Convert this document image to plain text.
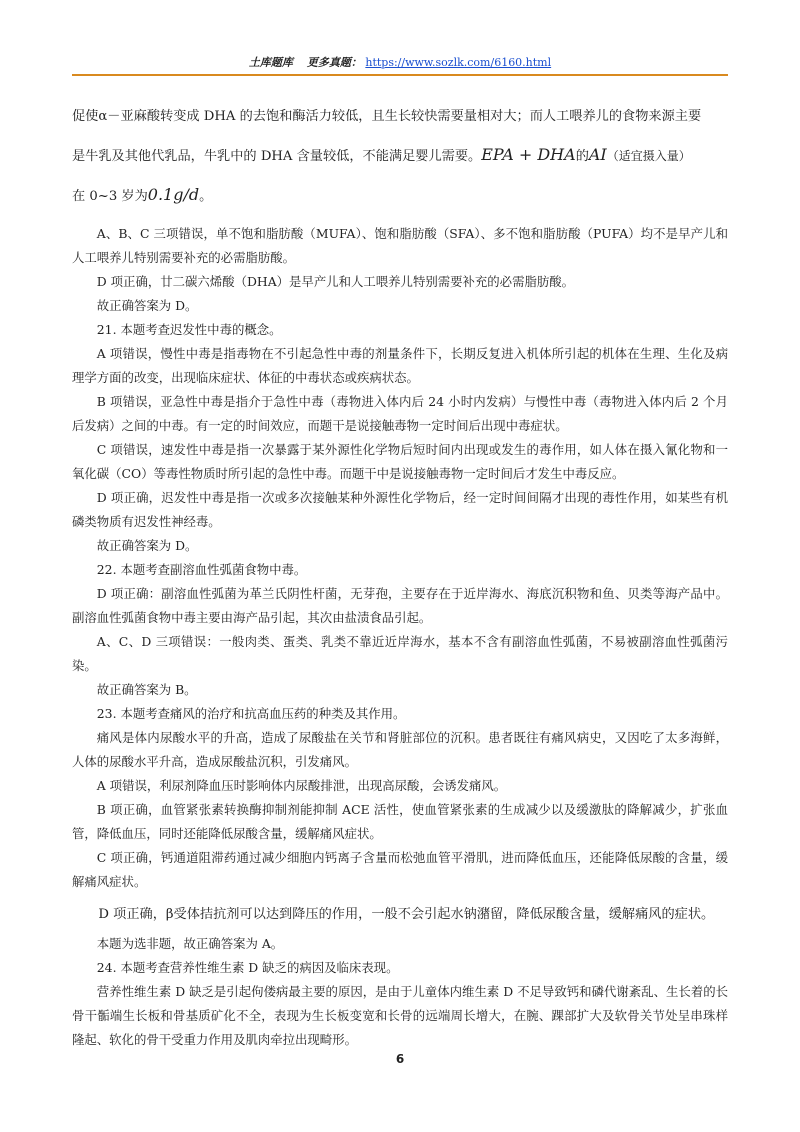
土库题库 更多真题： https://www.sozlk.com/6160.html

促使α－亚麻酸转变成 DHA 的去饱和酶活力较低，且生长较快需要量相对大；而人工喂养儿的食物来源主要

是牛乳及其他代乳品，牛乳中的 DHA 含量较低，不能满足婴儿需要。EPA + DHA的AI（适宜摄入量）

在 0~3 岁为0.1g/d。

A、B、C 三项错误，单不饱和脂肪酸（MUFA）、饱和脂肪酸（SFA）、多不饱和脂肪酸（PUFA）均不是早产儿和人工喂养儿特别需要补充的必需脂肪酸。

D 项正确，廿二碳六烯酸（DHA）是早产儿和人工喂养儿特别需要补充的必需脂肪酸。

故正确答案为 D。

21. 本题考查迟发性中毒的概念。

A 项错误，慢性中毒是指毒物在不引起急性中毒的剂量条件下，长期反复进入机体所引起的机体在生理、生化及病理学方面的改变，出现临床症状、体征的中毒状态或疾病状态。

B 项错误，亚急性中毒是指介于急性中毒（毒物进入体内后 24 小时内发病）与慢性中毒（毒物进入体内后 2 个月后发病）之间的中毒。有一定的时间效应，而题干是说接触毒物一定时间后出现中毒症状。

C 项错误，速发性中毒是指一次暴露于某外源性化学物后短时间内出现或发生的毒作用，如人体在摄入氰化物和一氧化碳（CO）等毒性物质时所引起的急性中毒。而题干中是说接触毒物一定时间后才发生中毒反应。

D 项正确，迟发性中毒是指一次或多次接触某种外源性化学物后，经一定时间间隔才出现的毒性作用，如某些有机磷类物质有迟发性神经毒。

故正确答案为 D。

22. 本题考查副溶血性弧菌食物中毒。

D 项正确：副溶血性弧菌为革兰氏阴性杆菌，无芽孢，主要存在于近岸海水、海底沉积物和鱼、贝类等海产品中。副溶血性弧菌食物中毒主要由海产品引起，其次由盐渍食品引起。

A、C、D 三项错误：一般肉类、蛋类、乳类不靠近近岸海水，基本不含有副溶血性弧菌，不易被副溶血性弧菌污染。

故正确答案为 B。

23. 本题考查痛风的治疗和抗高血压药的种类及其作用。

痛风是体内尿酸水平的升高，造成了尿酸盐在关节和肾脏部位的沉积。患者既往有痛风病史，又因吃了太多海鲜，人体的尿酸水平升高，造成尿酸盐沉积，引发痛风。

A 项错误，利尿剂降血压时影响体内尿酸排泄，出现高尿酸，会诱发痛风。

B 项正确，血管紧张素转换酶抑制剂能抑制 ACE 活性，使血管紧张素的生成减少以及缓激肽的降解减少，扩张血管，降低血压，同时还能降低尿酸含量，缓解痛风症状。

C 项正确，钙通道阻滞药通过减少细胞内钙离子含量而松弛血管平滑肌，进而降低血压，还能降低尿酸的含量，缓解痛风症状。

D 项正确，β受体拮抗剂可以达到降压的作用，一般不会引起水钠潴留，降低尿酸含量，缓解痛风的症状。

本题为选非题，故正确答案为 A。

24. 本题考查营养性维生素 D 缺乏的病因及临床表现。

营养性维生素 D 缺乏是引起佝偻病最主要的原因，是由于儿童体内维生素 D 不足导致钙和磷代谢紊乱、生长着的长骨干骺端生长板和骨基质矿化不全，表现为生长板变宽和长骨的远端周长增大，在腕、踝部扩大及软骨关节处呈串珠样隆起、软化的骨干受重力作用及肌肉牵拉出现畸形。

6
